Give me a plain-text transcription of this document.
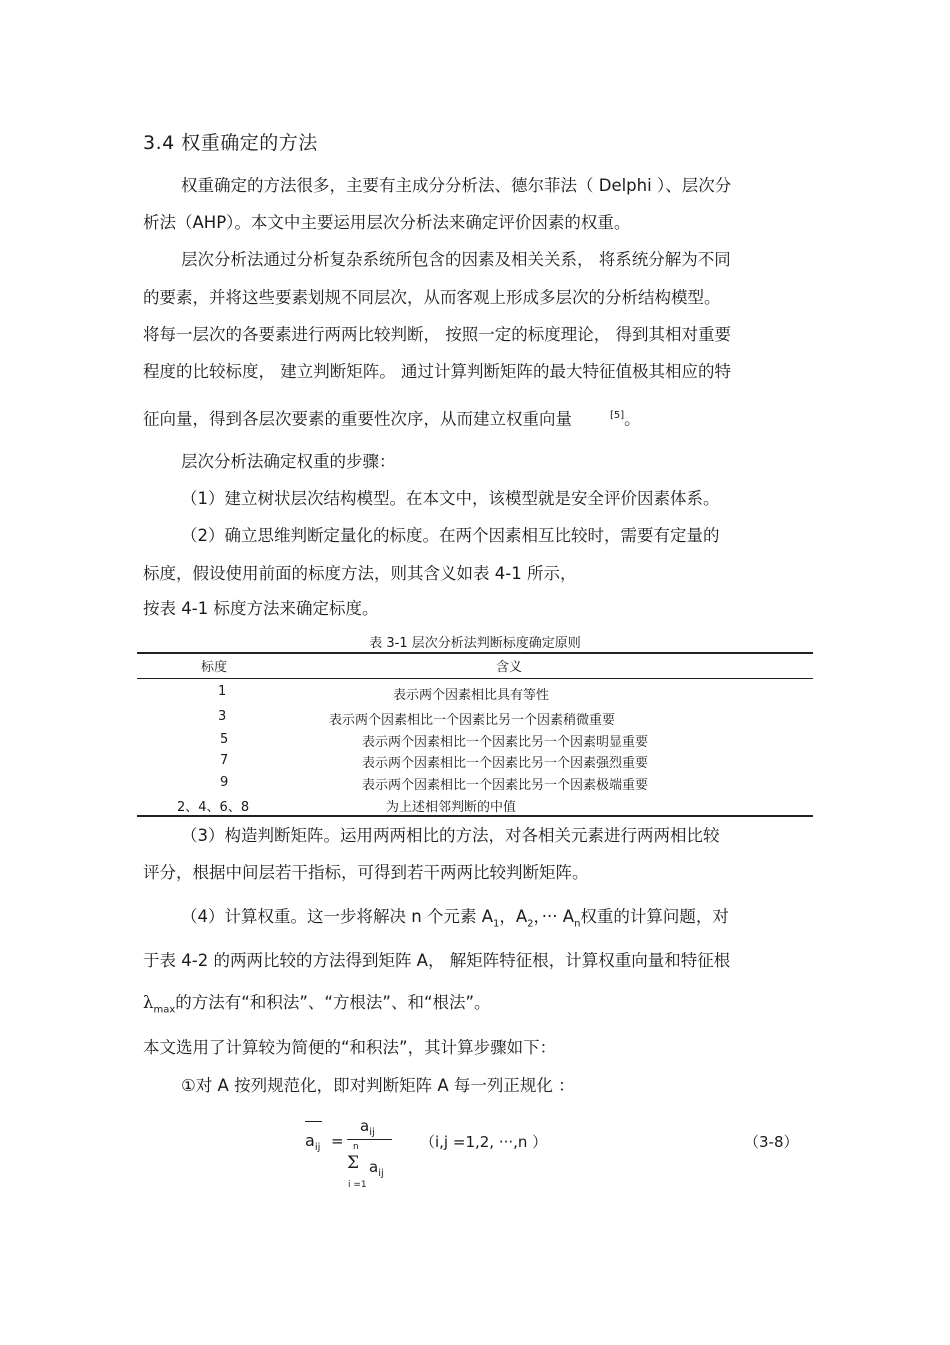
3.4 权重确定的方法
权重确定的方法很多，主要有主成分分析法、德尔菲法（ Delphi ）、层次分
析法（AHP）。本文中主要运用层次分析法来确定评价因素的权重。
层次分析法通过分析复杂系统所包含的因素及相关关系， 将系统分解为不同
的要素，并将这些要素划规不同层次，从而客观上形成多层次的分析结构模型。
将每一层次的各要素进行两两比较判断， 按照一定的标度理论， 得到其相对重要
程度的比较标度， 建立判断矩阵。 通过计算判断矩阵的最大特征值极其相应的特
征向量，得到各层次要素的重要性次序，从而建立权重向量	[5]。
层次分析法确定权重的步骤：
（1）建立树状层次结构模型。在本文中，该模型就是安全评价因素体系。
（2）确立思维判断定量化的标度。在两个因素相互比较时，需要有定量的
标度，假设使用前面的标度方法，则其含义如表 4-1 所示，
按表 4-1 标度方法来确定标度。
表 3-1 层次分析法判断标度确定原则
标度	含义
1	表示两个因素相比具有等性
3	表示两个因素相比一个因素比另一个因素稍微重要
5	表示两个因素相比一个因素比另一个因素明显重要
7	表示两个因素相比一个因素比另一个因素强烈重要
9	表示两个因素相比一个因素比另一个因素极端重要
2、4、6、8	为上述相邻判断的中值
（3）构造判断矩阵。运用两两相比的方法，对各相关元素进行两两相比较
评分，根据中间层若干指标，可得到若干两两比较判断矩阵。
（4）计算权重。这一步将解决 n 个元素 $A_1$，$A_2$，··· $A_n$权重的计算问题，对
于表 4-2 的两两比较的方法得到矩阵 A， 解矩阵特征根，计算权重向量和特征根
$\lambda_{max}$的方法有“和积法”、“方根法”、和“根法”。
本文选用了计算较为简便的“和积法”，其计算步骤如下：
①对 A 按列规范化，即对判断矩阵 A 每一列正规化 ：
$a_{ij}$ =
$a_{ij}$
n
Σ $a_{ij}$
i =1
（i,j =1,2, ···,n ）	（3-8）
